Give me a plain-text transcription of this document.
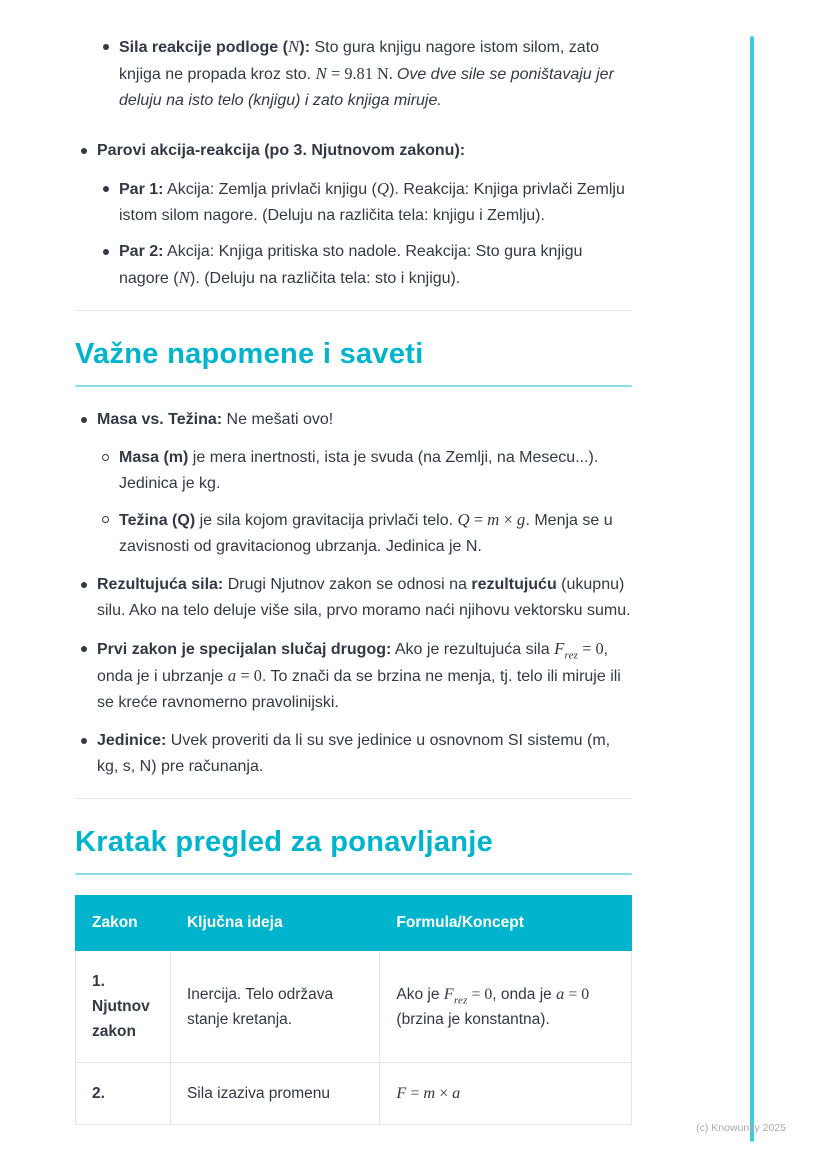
Sila reakcije podloge (N): Sto gura knjigu nagore istom silom, zato knjiga ne propada kroz sto. N = 9.81 N. Ove dve sile se poništavaju jer deluju na isto telo (knjigu) i zato knjiga miruje.
Parovi akcija-reakcija (po 3. Njutnovom zakonu):
Par 1: Akcija: Zemlja privlači knjigu (Q). Reakcija: Knjiga privlači Zemlju istom silom nagore. (Deluju na različita tela: knjigu i Zemlju).
Par 2: Akcija: Knjiga pritiska sto nadole. Reakcija: Sto gura knjigu nagore (N). (Deluju na različita tela: sto i knjigu).
Važne napomene i saveti
Masa vs. Težina: Ne mešati ovo!
Masa (m) je mera inertnosti, ista je svuda (na Zemlji, na Mesecu...). Jedinica je kg.
Težina (Q) je sila kojom gravitacija privlači telo. Q = m × g. Menja se u zavisnosti od gravitacionog ubrzanja. Jedinica je N.
Rezultujuća sila: Drugi Njutnov zakon se odnosi na rezultujuću (ukupnu) silu. Ako na telo deluje više sila, prvo moramo naći njihovu vektorsku sumu.
Prvi zakon je specijalan slučaj drugog: Ako je rezultujuća sila $F_{rez} = 0$, onda je i ubrzanje a = 0. To znači da se brzina ne menja, tj. telo ili miruje ili se kreće ravnomerno pravolinijski.
Jedinice: Uvek proveriti da li su sve jedinice u osnovnom SI sistemu (m, kg, s, N) pre računanja.
Kratak pregled za ponavljanje
Zakon	Ključna ideja	Formula/Koncept
1. Njutnov zakon	Inercija. Telo održava stanje kretanja.	Ako je $F_{rez} = 0$, onda je a = 0 (brzina je konstantna).
2.	Sila izaziva promenu	F = m × a
(c) Knowunity 2025
